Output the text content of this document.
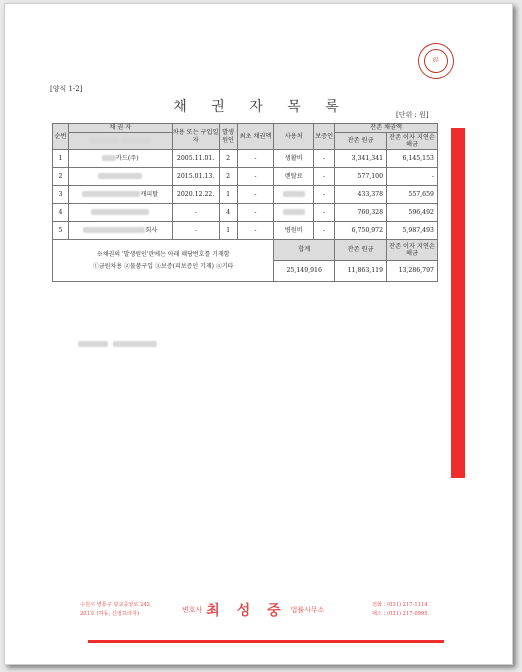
印
[양식 1-2]
채 권 자 목 록	[단위 : 원]
순번	채 권 자	차용 또는 구입일자	발생 원인	최초 채권액	사용처	보증인	잔존 채권액	
							잔존 원금	잔존 이자 지연손해금
1	카드(주)	2005.11.01.	2	-	생활비	-	3,341,341	6,145,153
2		2015.01.13.	2	-	렌탈료	-	577,100	-
3	캐피탈	2020.12.22.	1	-		-	433,378	557,659
4		-	4	-		-	760,328	596,492
5	회사	-	1	-	병원비	-	6,750,972	5,987,493

※채권의 '발생원인'란에는 아래 해당번호를 기재함
①금원차용 ②물품구입 ③보증(피보증인 기재) ④기타					합계		잔존 원금	잔존 이자 지연손해금
					25,149,916		11,863,119	13,286,797

수원시 영통구 광교중앙로 242,
201호 (하동, 신영프라자)
변호사 최 성 중 법률사무소
전화 : (031) 217-1114
팩스 : (031) 217-0995
